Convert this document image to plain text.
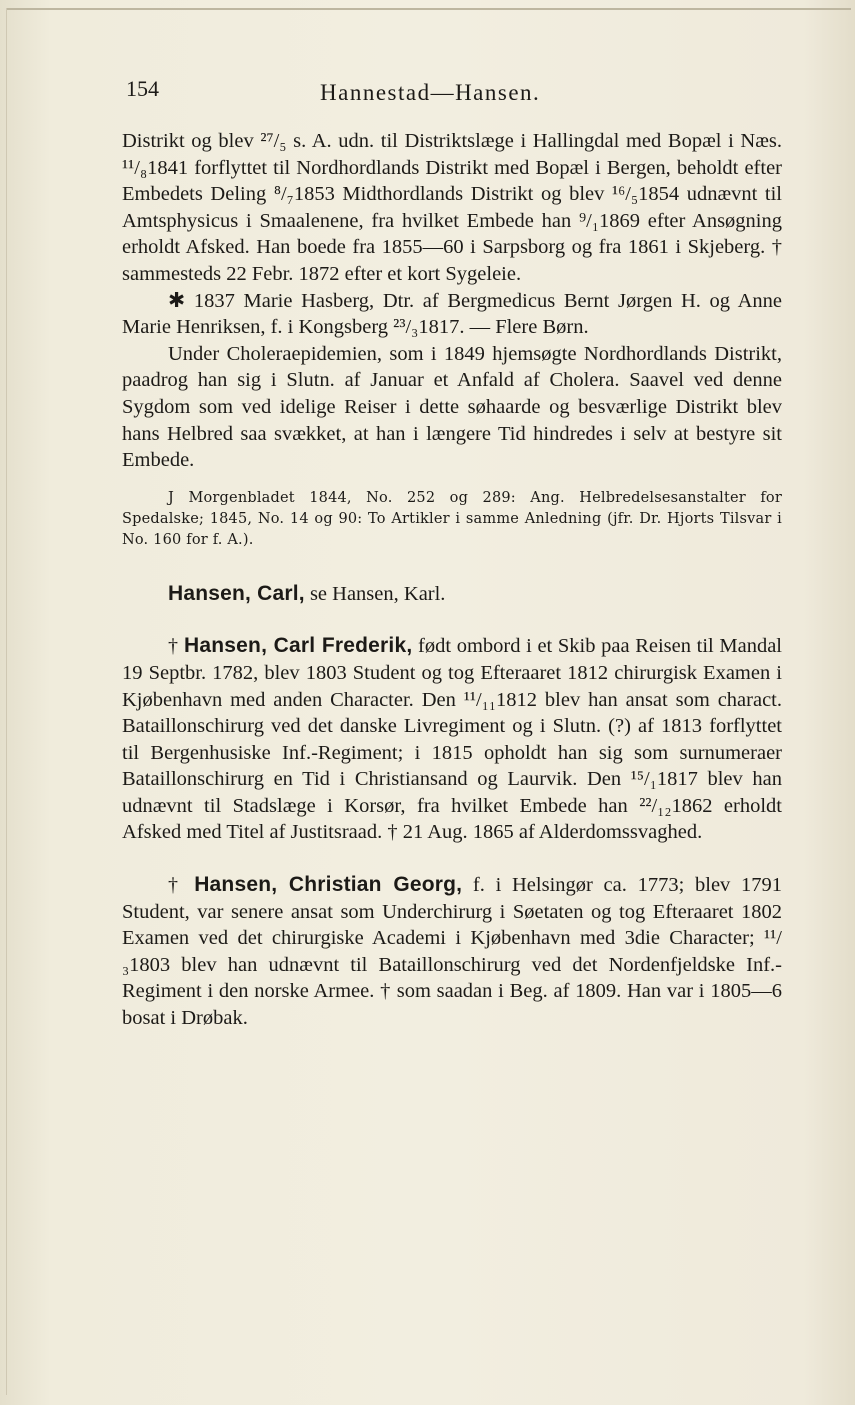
154	Hannestad—Hansen.

Distrikt og blev ²⁷/₅ s. A. udn. til Distriktslæge i Hallingdal med Bopæl i Næs. ¹¹/₈1841 forflyttet til Nordhordlands Distrikt med Bopæl i Bergen, beholdt efter Embedets Deling ⁸/₇1853 Midthordlands Distrikt og blev ¹⁶/₅1854 udnævnt til Amtsphysicus i Smaalenene, fra hvilket Embede han ⁹/₁1869 efter Ansøgning erholdt Afsked. Han boede fra 1855—60 i Sarpsborg og fra 1861 i Skjeberg. † sammesteds 22 Febr. 1872 efter et kort Sygeleie.

✱ 1837 Marie Hasberg, Dtr. af Bergmedicus Bernt Jørgen H. og Anne Marie Henriksen, f. i Kongsberg ²³/₃1817. — Flere Børn.

Under Choleraepidemien, som i 1849 hjemsøgte Nordhordlands Distrikt, paadrog han sig i Slutn. af Januar et Anfald af Cholera. Saavel ved denne Sygdom som ved idelige Reiser i dette søhaarde og besværlige Distrikt blev hans Helbred saa svækket, at han i længere Tid hindredes i selv at bestyre sit Embede.

J Morgenbladet 1844, No. 252 og 289: Ang. Helbredelsesanstalter for Spedalske; 1845, No. 14 og 90: To Artikler i samme Anledning (jfr. Dr. Hjorts Tilsvar i No. 160 for f. A.).

Hansen, Carl, se Hansen, Karl.

† Hansen, Carl Frederik, født ombord i et Skib paa Reisen til Mandal 19 Septbr. 1782, blev 1803 Student og tog Efteraaret 1812 chirurgisk Examen i Kjøbenhavn med anden Character. Den ¹¹/₁₁1812 blev han ansat som charact. Bataillonschirurg ved det danske Livregiment og i Slutn. (?) af 1813 forflyttet til Bergenhusiske Inf.-Regiment; i 1815 opholdt han sig som surnumeraer Bataillonschirurg en Tid i Christiansand og Laurvik. Den ¹⁵/₁1817 blev han udnævnt til Stadslæge i Korsør, fra hvilket Embede han ²²/₁₂1862 erholdt Afsked med Titel af Justitsraad. † 21 Aug. 1865 af Alderdomssvaghed.

† Hansen, Christian Georg, f. i Helsingør ca. 1773; blev 1791 Student, var senere ansat som Underchirurg i Søetaten og tog Efteraaret 1802 Examen ved det chirurgiske Academi i Kjøbenhavn med 3die Character; ¹¹/₃1803 blev han udnævnt til Bataillonschirurg ved det Nordenfjeldske Inf.-Regiment i den norske Armee. † som saadan i Beg. af 1809. Han var i 1805—6 bosat i Drøbak.
